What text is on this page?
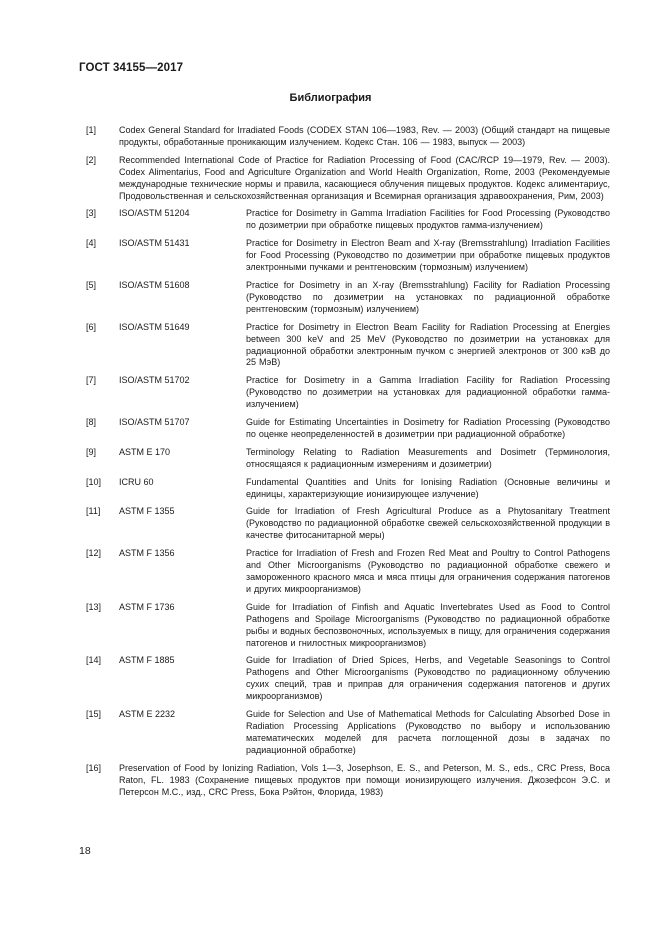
ГОСТ 34155—2017
Библиография
[1]	Codex General Standard for Irradiated Foods (CODEX STAN 106—1983, Rev. — 2003) (Общий стандарт на пищевые продукты, обработанные проникающим излучением. Кодекс Стан. 106 — 1983, выпуск — 2003)
[2]	Recommended International Code of Practice for Radiation Processing of Food (CAC/RCP 19—1979, Rev. — 2003). Codex Alimentarius, Food and Agriculture Organization and World Health Organization, Rome, 2003 (Рекомендуемые международные технические нормы и правила, касающиеся облучения пищевых продуктов. Кодекс алиментариус, Продовольственная и сельскохозяйственная организация и Всемирная организация здравоохранения, Рим, 2003)
[3]	ISO/ASTM 51204	Practice for Dosimetry in Gamma Irradiation Facilities for Food Processing (Руководство по дозиметрии при обработке пищевых продуктов гамма-излучением)
[4]	ISO/ASTM 51431	Practice for Dosimetry in Electron Beam and X-ray (Bremsstrahlung) Irradiation Facilities for Food Processing (Руководство по дозиметрии при обработке пищевых продуктов электронными пучками и рентгеновским (тормозным) излучением)
[5]	ISO/ASTM 51608	Practice for Dosimetry in an X-ray (Bremsstrahlung) Facility for Radiation Processing (Руководство по дозиметрии на установках по радиационной обработке рентгеновским (тормозным) излучением)
[6]	ISO/ASTM 51649	Practice for Dosimetry in Electron Beam Facility for Radiation Processing at Energies between 300 keV and 25 MeV (Руководство по дозиметрии на установках для радиационной обработки электронным пучком с энергией электронов от 300 кэВ до 25 МэВ)
[7]	ISO/ASTM 51702	Practice for Dosimetry in a Gamma Irradiation Facility for Radiation Processing (Руководство по дозиметрии на установках для радиационной обработки гамма-излучением)
[8]	ISO/ASTM 51707	Guide for Estimating Uncertainties in Dosimetry for Radiation Processing (Руководство по оценке неопределенностей в дозиметрии при радиационной обработке)
[9]	ASTM E 170	Terminology Relating to Radiation Measurements and Dosimetr (Терминология, относящаяся к радиационным измерениям и дозиметрии)
[10] ICRU 60	Fundamental Quantities and Units for Ionising Radiation (Основные величины и единицы, характеризующие ионизирующее излучение)
[11] ASTM F 1355	Guide for Irradiation of Fresh Agricultural Produce as a Phytosanitary Treatment (Руководство по радиационной обработке свежей сельскохозяйственной продукции в качестве фитосанитарной меры)
[12] ASTM F 1356	Practice for Irradiation of Fresh and Frozen Red Meat and Poultry to Control Pathogens and Other Microorganisms (Руководство по радиационной обработке свежего и замороженного красного мяса и мяса птицы для ограничения содержания патогенов и других микроорганизмов)
[13] ASTM F 1736	Guide for Irradiation of Finfish and Aquatic Invertebrates Used as Food to Control Pathogens and Spoilage Microorganisms (Руководство по радиационной обработке рыбы и водных беспозвоночных, используемых в пищу, для ограничения содержания патогенов и гнилостных микроорганизмов)
[14] ASTM F 1885	Guide for Irradiation of Dried Spices, Herbs, and Vegetable Seasonings to Control Pathogens and Other Microorganisms (Руководство по радиационному облучению сухих специй, трав и приправ для ограничения содержания патогенов и других микроорганизмов)
[15] ASTM E 2232	Guide for Selection and Use of Mathematical Methods for Calculating Absorbed Dose in Radiation Processing Applications (Руководство по выбору и использованию математических моделей для расчета поглощенной дозы в задачах по радиационной обработке)
[16] Preservation of Food by Ionizing Radiation, Vols 1—3, Josephson, E. S., and Peterson, M. S., eds., CRC Press, Boca Raton, FL. 1983 (Сохранение пищевых продуктов при помощи ионизирующего излучения. Джозефсон Э.С. и Петерсон М.С., изд., CRC Press, Бока Рэйтон, Флорида, 1983)
18
